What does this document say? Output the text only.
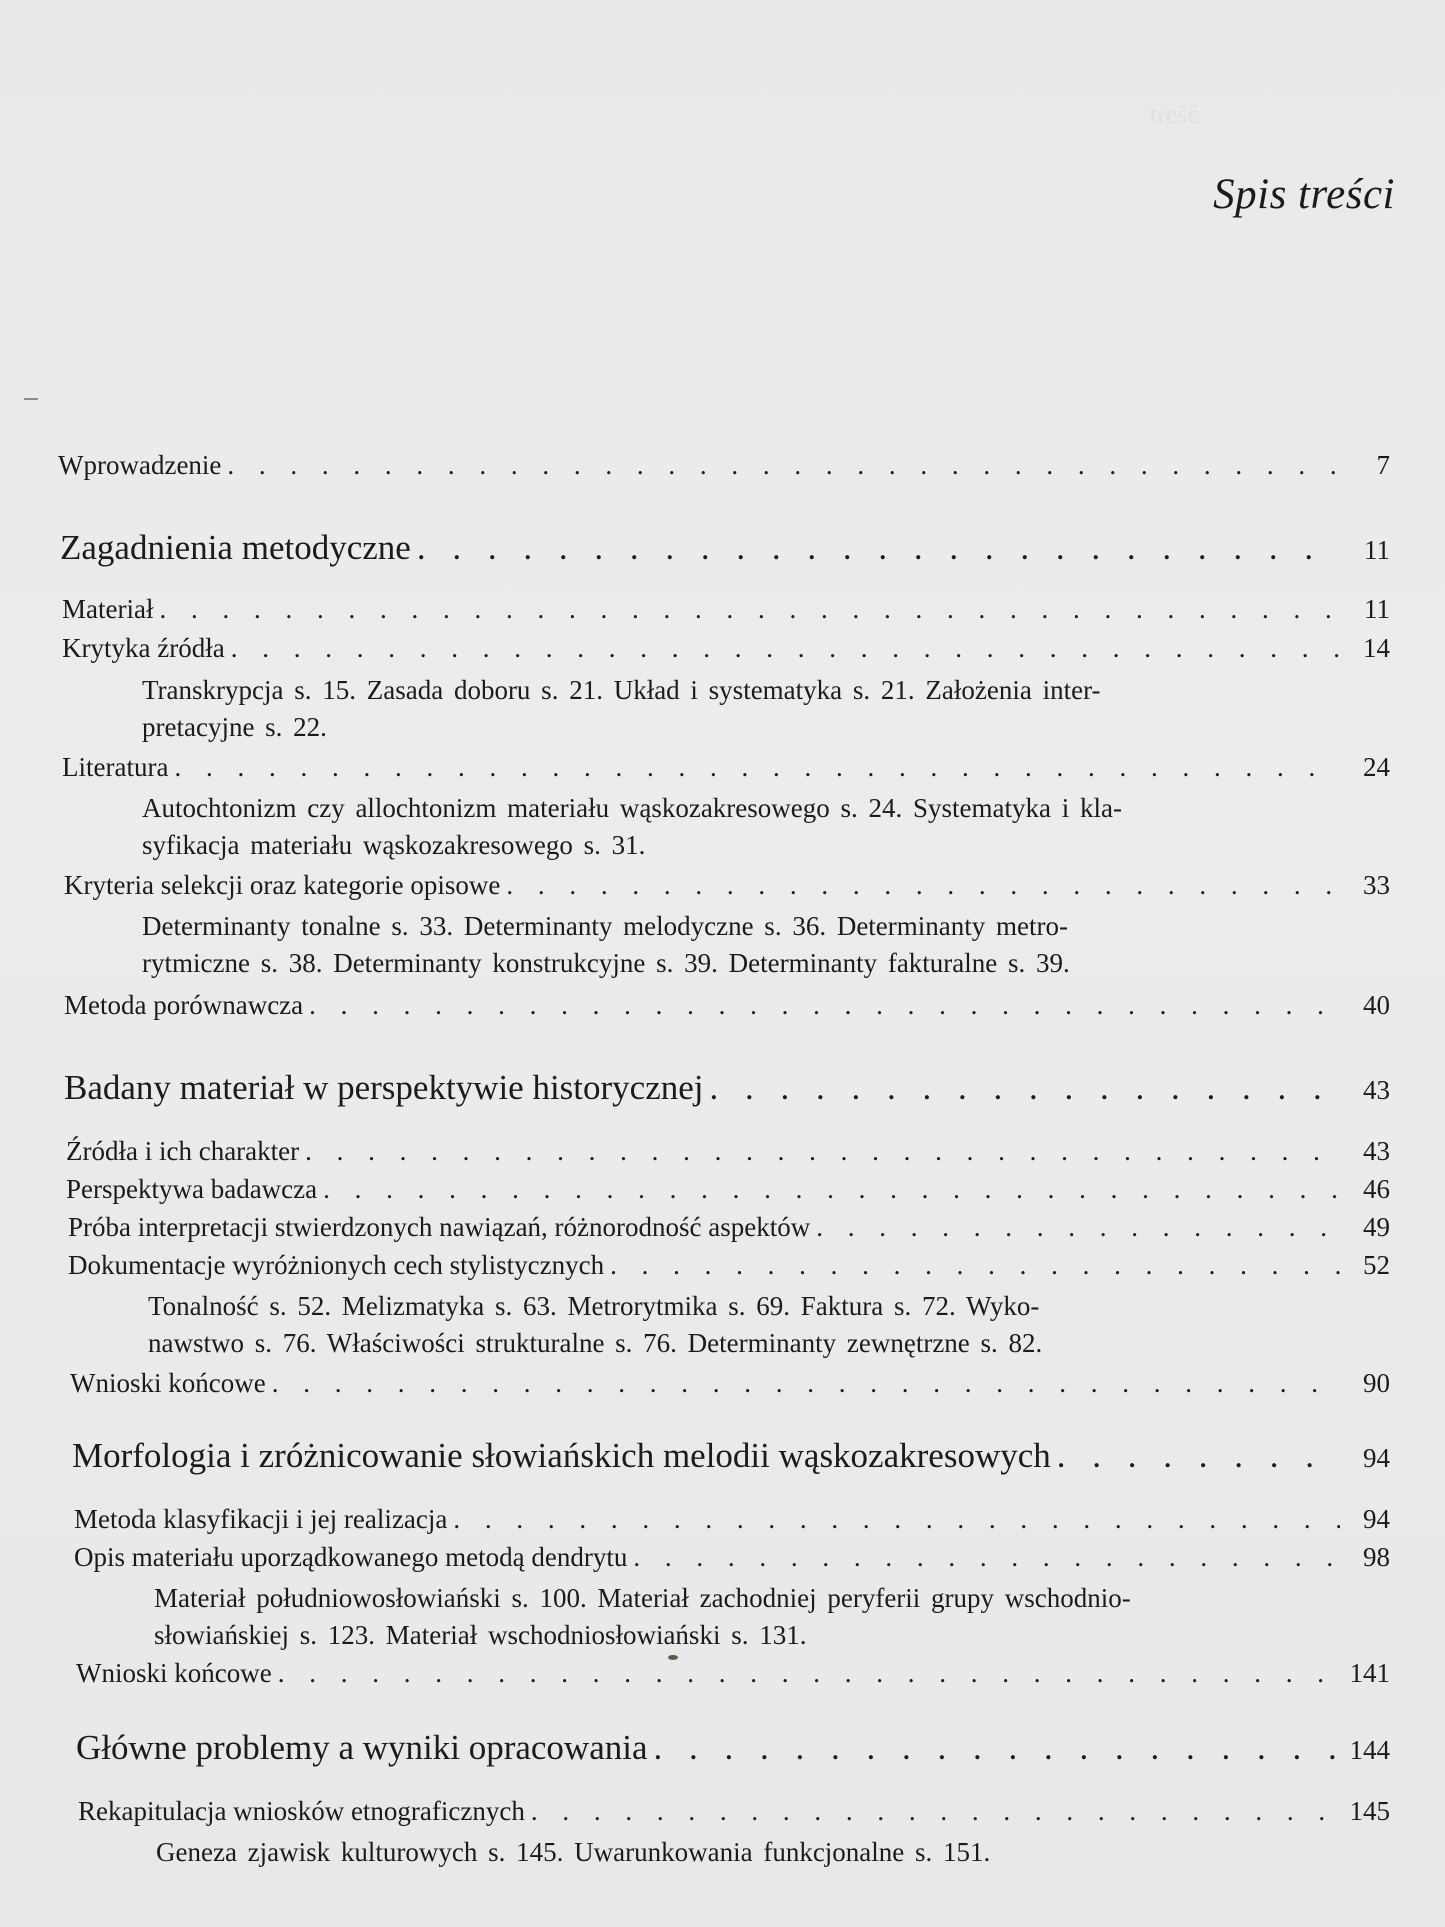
treść
Spis treści
Wprowadzenie . . .	7
Zagadnienia metodyczne . . .	11
Materiał . . .	11
Krytyka źródła . . .	14
Transkrypcja s. 15. Zasada doboru s. 21. Układ i systematyka s. 21. Założenia inter-
pretacyjne s. 22.
Literatura . . .	24
Autochtonizm czy allochtonizm materiału wąskozakresowego s. 24. Systematyka i kla-
syfikacja materiału wąskozakresowego s. 31.
Kryteria selekcji oraz kategorie opisowe . . .	33
Determinanty tonalne s. 33. Determinanty melodyczne s. 36. Determinanty metro-
rytmiczne s. 38. Determinanty konstrukcyjne s. 39. Determinanty fakturalne s. 39.
Metoda porównawcza . . .	40
Badany materiał w perspektywie historycznej . . .	43
Źródła i ich charakter . . .	43
Perspektywa badawcza . . .	46
Próba interpretacji stwierdzonych nawiązań, różnorodność aspektów . . .	49
Dokumentacje wyróżnionych cech stylistycznych . . .	52
Tonalność s. 52. Melizmatyka s. 63. Metrorytmika s. 69. Faktura s. 72. Wyko-
nawstwo s. 76. Właściwości strukturalne s. 76. Determinanty zewnętrzne s. 82.
Wnioski końcowe . . .	90
Morfologia i zróżnicowanie słowiańskich melodii wąskozakresowych . . .	94
Metoda klasyfikacji i jej realizacja . . .	94
Opis materiału uporządkowanego metodą dendrytu . . .	98
Materiał południowosłowiański s. 100. Materiał zachodniej peryferii grupy wschodnio-
słowiańskiej s. 123. Materiał wschodniosłowiański s. 131.
Wnioski końcowe . . .	141
Główne problemy a wyniki opracowania . . .	144
Rekapitulacja wniosków etnograficznych . . .	145
Geneza zjawisk kulturowych s. 145. Uwarunkowania funkcjonalne s. 151.
